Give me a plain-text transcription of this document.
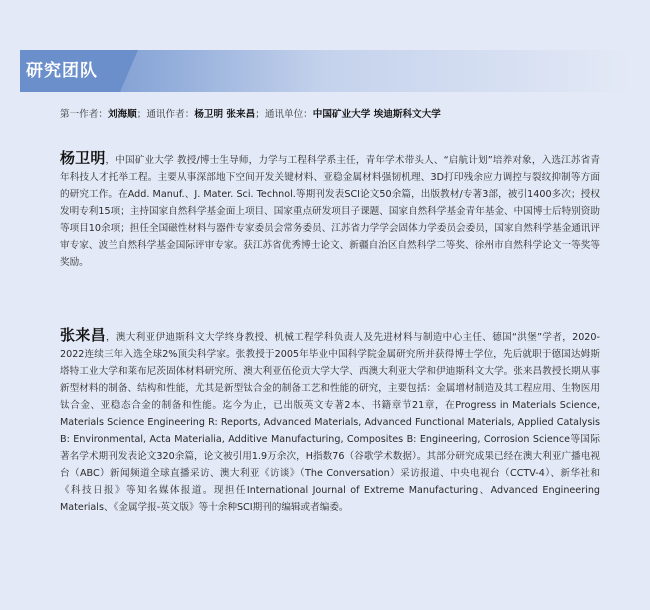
研究团队
第一作者：刘海顺；通讯作者：杨卫明 张来昌；通讯单位：中国矿业大学 埃迪斯科文大学
杨卫明，中国矿业大学 教授/博士生导师，力学与工程科学系主任，青年学术带头人、“启航计划”培养对象，入选江苏省青年科技人才托举工程。主要从事深部地下空间开发关键材料、亚稳金属材料强韧机理、3D打印残余应力调控与裂纹抑制等方面的研究工作。在Add. Manuf.、J. Mater. Sci. Technol.等期刊发表SCI论文50余篇，出版教材/专著3部，被引1400多次；授权发明专利15项；主持国家自然科学基金面上项目、国家重点研发项目子课题、国家自然科学基金青年基金、中国博士后特别资助等项目10余项；担任全国磁性材料与器件专家委员会常务委员、江苏省力学学会固体力学委员会委员，国家自然科学基金通讯评审专家、波兰自然科学基金国际评审专家。获江苏省优秀博士论文、新疆自治区自然科学二等奖、徐州市自然科学论文一等奖等奖励。
张来昌，澳大利亚伊迪斯科文大学终身教授、机械工程学科负责人及先进材料与制造中心主任、德国“洪堡”学者，2020-2022连续三年入选全球2%顶尖科学家。张教授于2005年毕业中国科学院金属研究所并获得博士学位，先后就职于德国达姆斯塔特工业大学和莱布尼茨固体材料研究所、澳大利亚伍伦贡大学大学、西澳大利亚大学和伊迪斯科文大学。张来昌教授长期从事新型材料的制备、结构和性能，尤其是新型钛合金的制备工艺和性能的研究，主要包括：金属增材制造及其工程应用、生物医用钛合金、亚稳态合金的制备和性能。迄今为止，已出版英文专著2本、书籍章节21章，在Progress in Materials Science, Materials Science Engineering R: Reports, Advanced Materials, Advanced Functional Materials, Applied Catalysis B: Environmental, Acta Materialia, Additive Manufacturing, Composites B: Engineering, Corrosion Science等国际著名学术期刊发表论文320余篇，论文被引用1.9万余次，H指数76（谷歌学术数据）。其部分研究成果已经在澳大利亚广播电视台（ABC）新闻频道全球直播采访、澳大利亚《访谈》（The Conversation）采访报道、中央电视台（CCTV-4）、新华社和《科技日报》等知名媒体报道。现担任International Journal of Extreme Manufacturing、Advanced Engineering Materials、《金属学报-英文版》等十余种SCI期刊的编辑或者编委。
